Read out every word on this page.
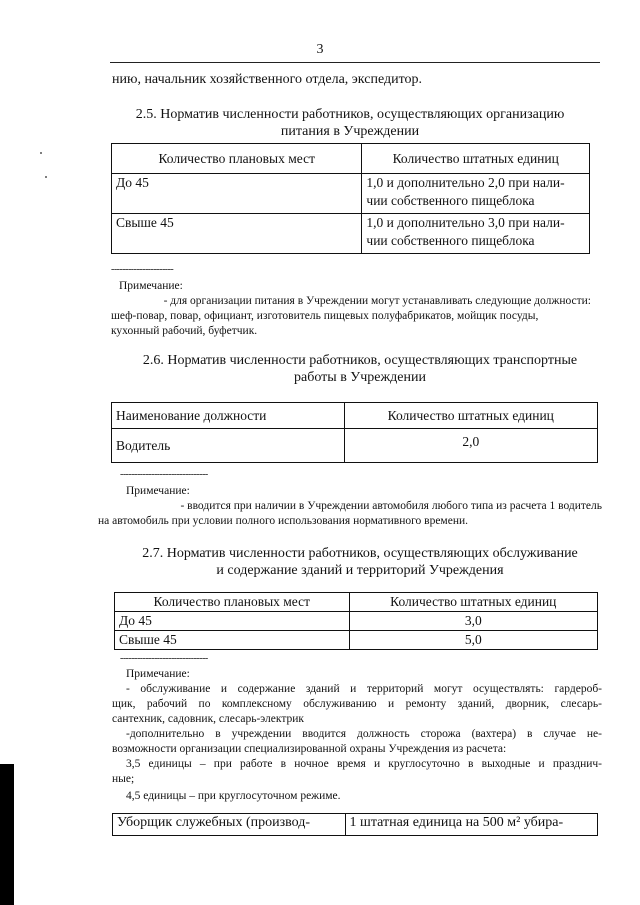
3
нию, начальник хозяйственного отдела, экспедитор.
2.5. Норматив численности работников, осуществляющих организацию
питания в Учреждении
Количество плановых мест	Количество штатных единиц
До 45	1,0 и дополнительно 2,0 при нали-
чии собственного пищеблока

Свыше 45	1,0 и дополнительно 3,0 при нали-
чии собственного пищеблока
----------------------
Примечание:
- для организации питания в Учреждении могут устанавливать следующие должности:
шеф-повар, повар, официант, изготовитель пищевых полуфабрикатов, мойщик посуды,
кухонный рабочий, буфетчик.
2.6. Норматив численности работников, осуществляющих транспортные
работы в Учреждении
Наименование должности	Количество штатных единиц
Водитель	2,0
-------------------------------
Примечание:
- вводится при наличии в Учреждении автомобиля любого типа из расчета 1 водитель
на автомобиль при условии полного использования нормативного времени.
2.7. Норматив численности работников, осуществляющих обслуживание
и содержание зданий и территорий Учреждения
Количество плановых мест	Количество штатных единиц
До 45	3,0
Свыше 45	5,0
-------------------------------
Примечание:
- обслуживание и содержание зданий и территорий могут осуществлять: гардероб-
щик, рабочий по комплексному обслуживанию и ремонту зданий, дворник, слесарь-
сантехник, садовник, слесарь-электрик
-дополнительно в учреждении вводится должность сторожа (вахтера) в случае не-
возможности организации специализированной охраны Учреждения из расчета:
3,5 единицы – при работе в ночное время и круглосуточно в выходные и празднич-
ные;
4,5 единицы – при круглосуточном режиме.
Уборщик служебных (производ-	1 штатная единица на 500 м² убира-
